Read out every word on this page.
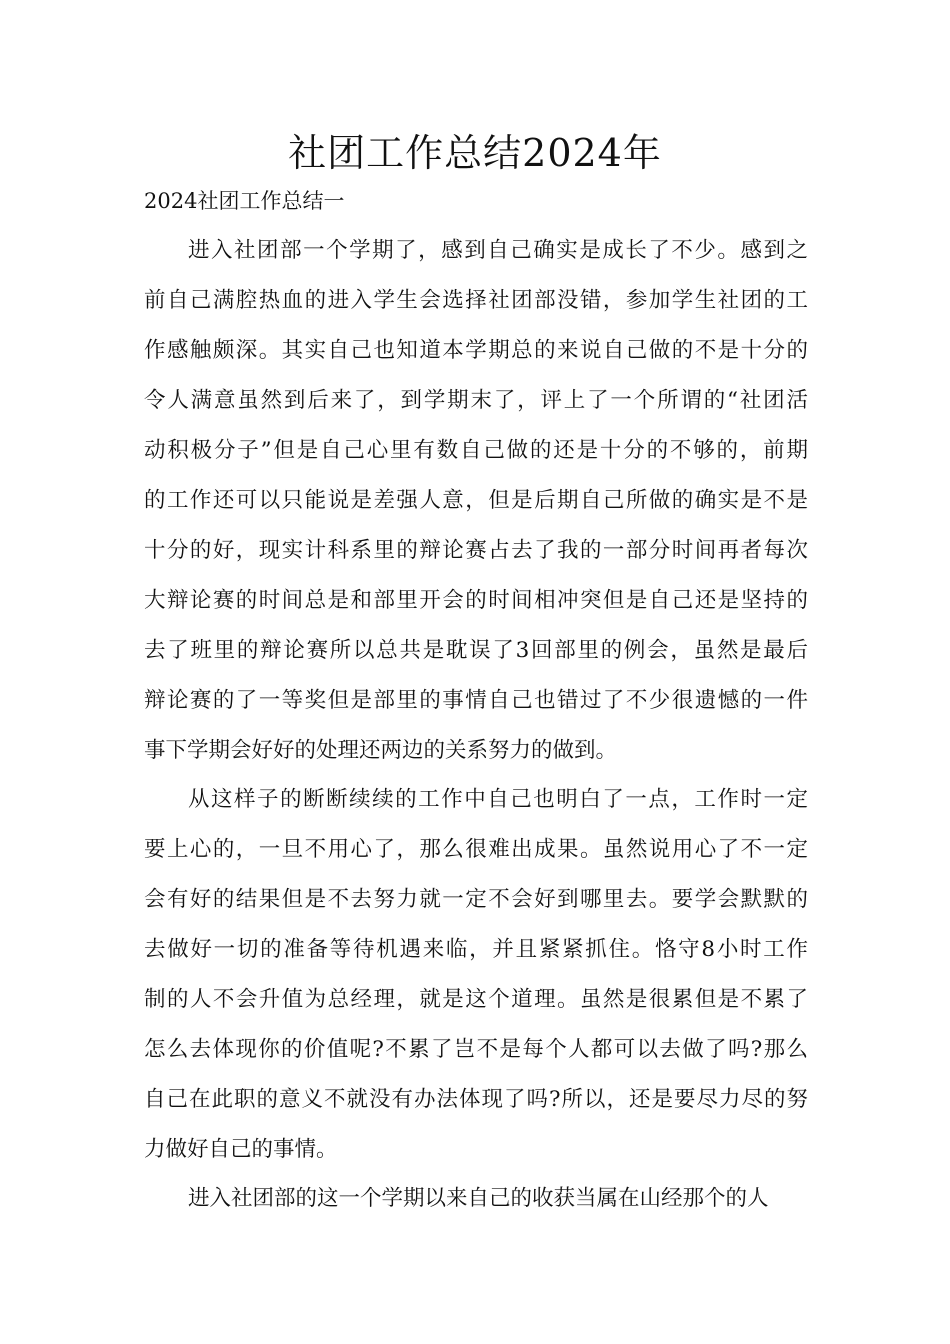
社团工作总结2024年

2024社团工作总结一

进入社团部一个学期了，感到自己确实是成长了不少。感到之
前自己满腔热血的进入学生会选择社团部没错，参加学生社团的工
作感触颇深。其实自己也知道本学期总的来说自己做的不是十分的
令人满意虽然到后来了，到学期末了，评上了一个所谓的“社团活
动积极分子”但是自己心里有数自己做的还是十分的不够的，前期
的工作还可以只能说是差强人意，但是后期自己所做的确实是不是
十分的好，现实计科系里的辩论赛占去了我的一部分时间再者每次
大辩论赛的时间总是和部里开会的时间相冲突但是自己还是坚持的
去了班里的辩论赛所以总共是耽误了3回部里的例会，虽然是最后
辩论赛的了一等奖但是部里的事情自己也错过了不少很遗憾的一件
事下学期会好好的处理还两边的关系努力的做到。
从这样子的断断续续的工作中自己也明白了一点，工作时一定
要上心的，一旦不用心了，那么很难出成果。虽然说用心了不一定
会有好的结果但是不去努力就一定不会好到哪里去。要学会默默的
去做好一切的准备等待机遇来临，并且紧紧抓住。恪守8小时工作
制的人不会升值为总经理，就是这个道理。虽然是很累但是不累了
怎么去体现你的价值呢?不累了岂不是每个人都可以去做了吗?那么
自己在此职的意义不就没有办法体现了吗?所以，还是要尽力尽的努
力做好自己的事情。
进入社团部的这一个学期以来自己的收获当属在山经那个的人
